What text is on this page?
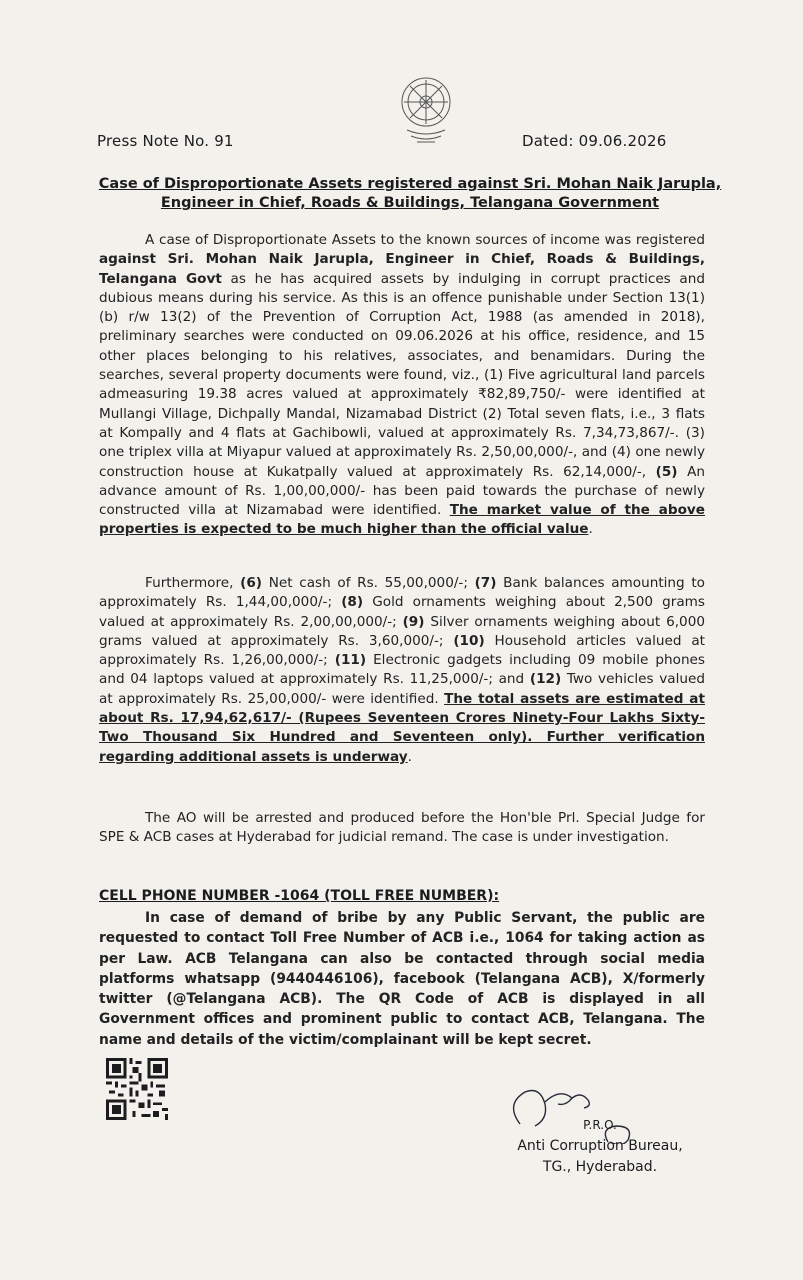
Press Note No. 91	Dated: 09.06.2026
Case of Disproportionate Assets registered against Sri. Mohan Naik Jarupla,
Engineer in Chief, Roads & Buildings, Telangana Government
A case of Disproportionate Assets to the known sources of income was registered against Sri. Mohan Naik Jarupla, Engineer in Chief, Roads & Buildings, Telangana Govt as he has acquired assets by indulging in corrupt practices and dubious means during his service. As this is an offence punishable under Section 13(1)(b) r/w 13(2) of the Prevention of Corruption Act, 1988 (as amended in 2018), preliminary searches were conducted on 09.06.2026 at his office, residence, and 15 other places belonging to his relatives, associates, and benamidars. During the searches, several property documents were found, viz., (1) Five agricultural land parcels admeasuring 19.38 acres valued at approximately ₹82,89,750/- were identified at Mullangi Village, Dichpally Mandal, Nizamabad District (2) Total seven flats, i.e., 3 flats at Kompally and 4 flats at Gachibowli, valued at approximately Rs. 7,34,73,867/-. (3) one triplex villa at Miyapur valued at approximately Rs. 2,50,00,000/-, and (4) one newly construction house at Kukatpally valued at approximately Rs. 62,14,000/-, (5) An advance amount of Rs. 1,00,00,000/- has been paid towards the purchase of newly constructed villa at Nizamabad were identified. The market value of the above properties is expected to be much higher than the official value.
Furthermore, (6) Net cash of Rs. 55,00,000/-; (7) Bank balances amounting to approximately Rs. 1,44,00,000/-; (8) Gold ornaments weighing about 2,500 grams valued at approximately Rs. 2,00,00,000/-; (9) Silver ornaments weighing about 6,000 grams valued at approximately Rs. 3,60,000/-; (10) Household articles valued at approximately Rs. 1,26,00,000/-; (11) Electronic gadgets including 09 mobile phones and 04 laptops valued at approximately Rs. 11,25,000/-; and (12) Two vehicles valued at approximately Rs. 25,00,000/- were identified. The total assets are estimated at about Rs. 17,94,62,617/- (Rupees Seventeen Crores Ninety-Four Lakhs Sixty-Two Thousand Six Hundred and Seventeen only). Further verification regarding additional assets is underway.
The AO will be arrested and produced before the Hon'ble Prl. Special Judge for SPE & ACB cases at Hyderabad for judicial remand. The case is under investigation.
CELL PHONE NUMBER -1064 (TOLL FREE NUMBER):
In case of demand of bribe by any Public Servant, the public are requested to contact Toll Free Number of ACB i.e., 1064 for taking action as per Law. ACB Telangana can also be contacted through social media platforms whatsapp (9440446106), facebook (Telangana ACB), X/formerly twitter (@Telangana ACB). The QR Code of ACB is displayed in all Government offices and prominent public to contact ACB, Telangana. The name and details of the victim/complainant will be kept secret.
P.R.O.
Anti Corruption Bureau,
TG., Hyderabad.
